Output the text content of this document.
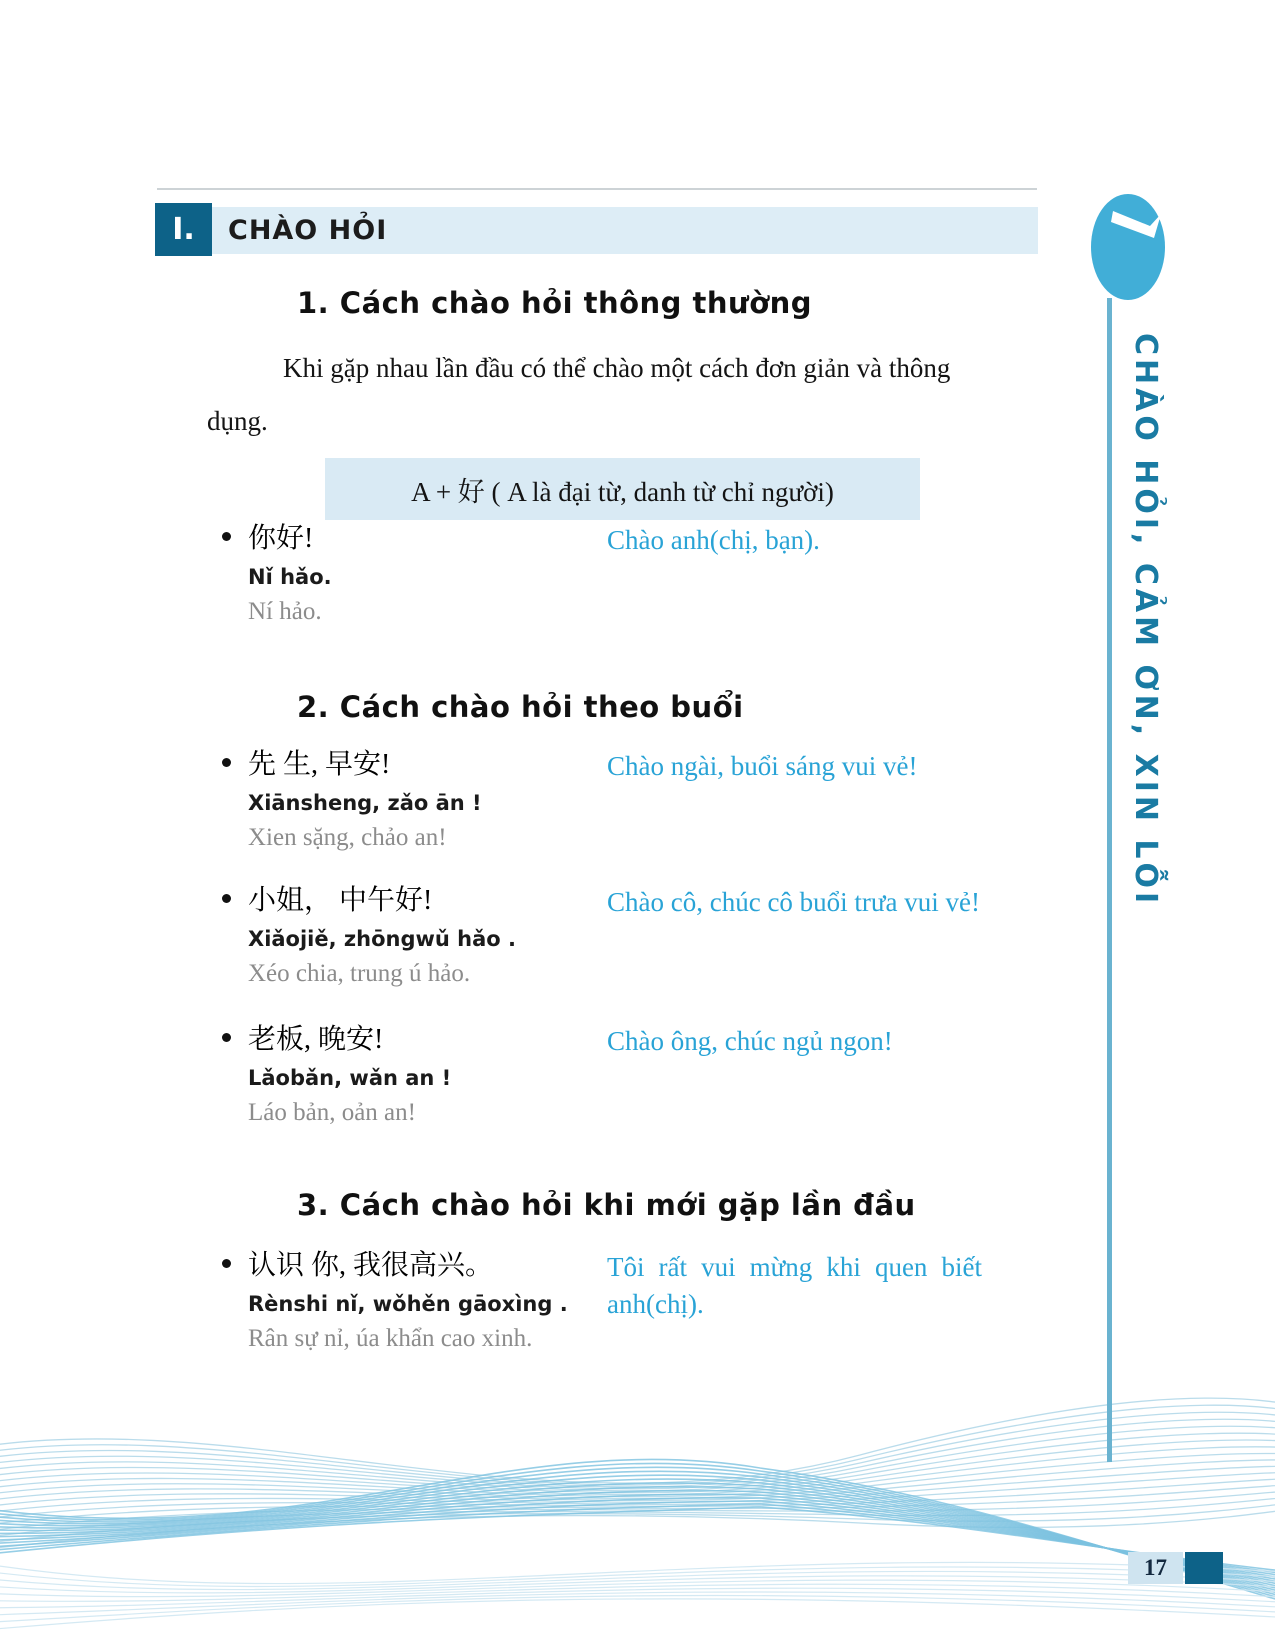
I. CHÀO HỎI
CHÀO HỎI, CẢM ƠN, XIN LỖI
1. Cách chào hỏi thông thường
Khi gặp nhau lần đầu có thể chào một cách đơn giản và thông dụng.
A + 好 ( A là đại từ, danh từ chỉ người)
你好!
Nǐ hǎo.
Ní hảo.
Chào anh(chị, bạn).
2. Cách chào hỏi theo buổi
先 生, 早安!
Xiānsheng, zǎo ān !
Xien sặng, chảo an!
Chào ngài, buổi sáng vui vẻ!
小姐， 中午好!
Xiǎojiě, zhōngwǔ hǎo .
Xéo chia, trung ú hảo.
Chào cô, chúc cô buổi trưa vui vẻ!
老板, 晚安!
Lǎobǎn, wǎn an !
Láo bản, oản an!
Chào ông, chúc ngủ ngon!
3. Cách chào hỏi khi mới gặp lần đầu
认识 你, 我很高兴。
Rènshi nǐ, wǒhěn gāoxìng .
Rân sự nỉ, úa khẩn cao xinh.
Tôi rất vui mừng khi quen biết anh(chị).
17
